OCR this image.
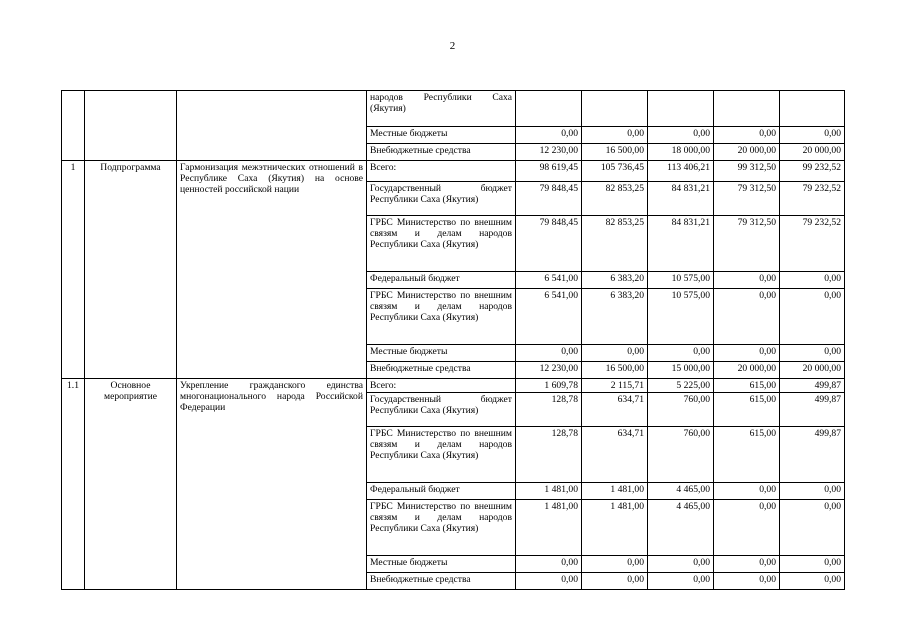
2
			народов Республики Саха (Якутия)					
			Местные бюджеты	0,00	0,00	0,00	0,00	0,00
			Внебюджетные средства	12 230,00	16 500,00	18 000,00	20 000,00	20 000,00
1	Подпрограмма	Гармонизация межэтнических отношений в Республике Саха (Якутия) на основе ценностей российской нации	Всего:	98 619,45	105 736,45	113 406,21	99 312,50	99 232,52
			Государственный бюджет Республики Саха (Якутия)	79 848,45	82 853,25	84 831,21	79 312,50	79 232,52
			ГРБС Министерство по внешним связям и делам народов Республики Саха (Якутия)	79 848,45	82 853,25	84 831,21	79 312,50	79 232,52
			Федеральный бюджет	6 541,00	6 383,20	10 575,00	0,00	0,00
			ГРБС Министерство по внешним связям и делам народов Республики Саха (Якутия)	6 541,00	6 383,20	10 575,00	0,00	0,00
			Местные бюджеты	0,00	0,00	0,00	0,00	0,00
			Внебюджетные средства	12 230,00	16 500,00	15 000,00	20 000,00	20 000,00
1.1	Основное мероприятие	Укрепление гражданского единства многонационального народа Российской Федерации	Всего:	1 609,78	2 115,71	5 225,00	615,00	499,87
			Государственный бюджет Республики Саха (Якутия)	128,78	634,71	760,00	615,00	499,87
			ГРБС Министерство по внешним связям и делам народов Республики Саха (Якутия)	128,78	634,71	760,00	615,00	499,87
			Федеральный бюджет	1 481,00	1 481,00	4 465,00	0,00	0,00
			ГРБС Министерство по внешним связям и делам народов Республики Саха (Якутия)	1 481,00	1 481,00	4 465,00	0,00	0,00
			Местные бюджеты	0,00	0,00	0,00	0,00	0,00
			Внебюджетные средства	0,00	0,00	0,00	0,00	0,00
